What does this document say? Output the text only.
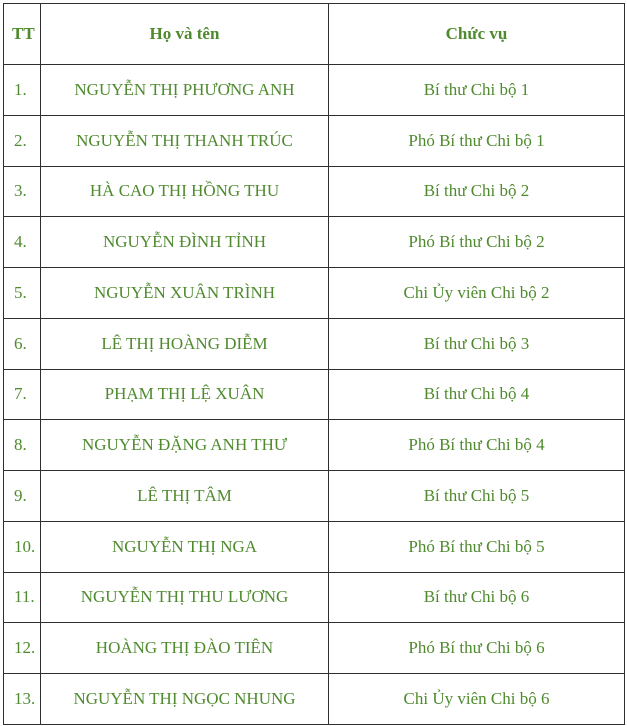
TT	Họ và tên	Chức vụ
1.	NGUYỄN THỊ PHƯƠNG ANH	Bí thư Chi bộ 1
2.	NGUYỄN THỊ THANH TRÚC	Phó Bí thư Chi bộ 1
3.	HÀ CAO THỊ HỒNG THU	Bí thư Chi bộ 2
4.	NGUYỄN ĐÌNH TỈNH	Phó Bí thư Chi bộ 2
5.	NGUYỄN XUÂN TRÌNH	Chi Ủy viên Chi bộ 2
6.	LÊ THỊ HOÀNG DIỄM	Bí thư Chi bộ 3
7.	PHẠM THỊ LỆ XUÂN	Bí thư Chi bộ 4
8.	NGUYỄN ĐẶNG ANH THƯ	Phó Bí thư Chi bộ 4
9.	LÊ THỊ TÂM	Bí thư Chi bộ 5
10.	NGUYỄN THỊ NGA	Phó Bí thư Chi bộ 5
11.	NGUYỄN THỊ THU LƯƠNG	Bí thư Chi bộ 6
12.	HOÀNG THỊ ĐÀO TIÊN	Phó Bí thư Chi bộ 6
13.	NGUYỄN THỊ NGỌC NHUNG	Chi Ủy viên Chi bộ 6
